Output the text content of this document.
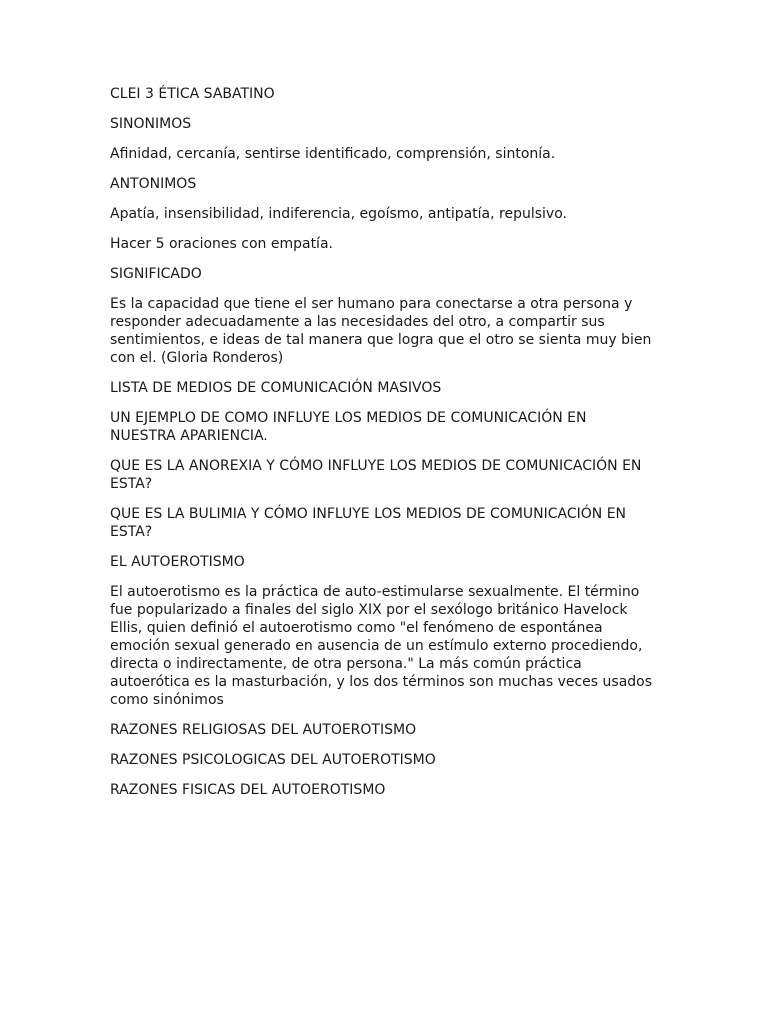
CLEI 3 ÉTICA SABATINO

SINONIMOS

Afinidad, cercanía, sentirse identificado, comprensión, sintonía.

ANTONIMOS

Apatía, insensibilidad, indiferencia, egoísmo, antipatía, repulsivo.

Hacer 5 oraciones con empatía.

SIGNIFICADO

Es la capacidad que tiene el ser humano para conectarse a otra persona y responder adecuadamente a las necesidades del otro, a compartir sus sentimientos, e ideas de tal manera que logra que el otro se sienta muy bien con el. (Gloria Ronderos)

LISTA DE MEDIOS DE COMUNICACIÓN MASIVOS

UN EJEMPLO DE COMO INFLUYE LOS MEDIOS DE COMUNICACIÓN EN NUESTRA APARIENCIA.

QUE ES LA ANOREXIA Y CÓMO INFLUYE LOS MEDIOS DE COMUNICACIÓN EN ESTA?

QUE ES LA BULIMIA Y CÓMO INFLUYE LOS MEDIOS DE COMUNICACIÓN EN ESTA?

EL AUTOEROTISMO

El autoerotismo es la práctica de auto-estimularse sexualmente. El término fue popularizado a finales del siglo XIX por el sexólogo británico Havelock Ellis, quien definió el autoerotismo como "el fenómeno de espontánea emoción sexual generado en ausencia de un estímulo externo procediendo, directa o indirectamente, de otra persona." La más común práctica autoerótica es la masturbación, y los dos términos son muchas veces usados como sinónimos

RAZONES RELIGIOSAS DEL AUTOEROTISMO

RAZONES PSICOLOGICAS DEL AUTOEROTISMO

RAZONES FISICAS DEL AUTOEROTISMO
